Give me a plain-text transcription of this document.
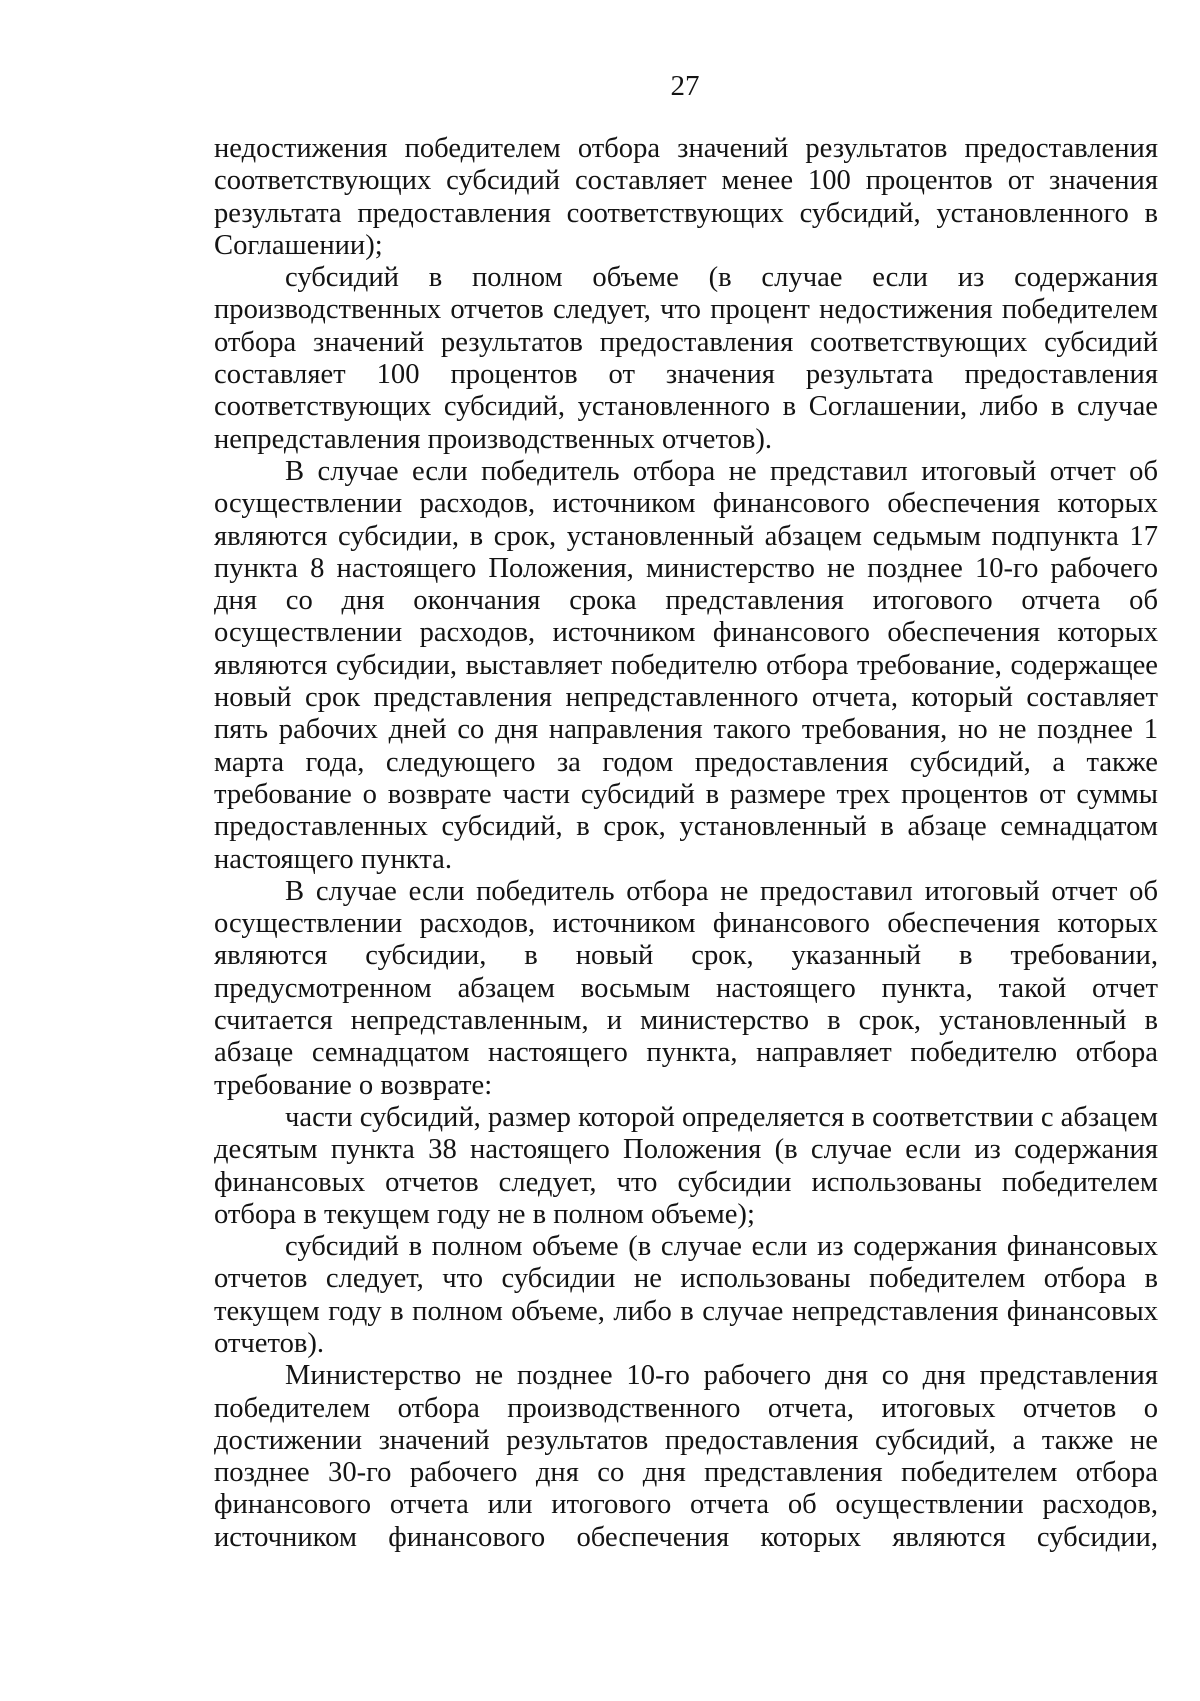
27

недостижения победителем отбора значений результатов предоставления соответствующих субсидий составляет менее 100 процентов от значения результата предоставления соответствующих субсидий, установленного в Соглашении);

субсидий в полном объеме (в случае если из содержания производственных отчетов следует, что процент недостижения победителем отбора значений результатов предоставления соответствующих субсидий составляет 100 процентов от значения результата предоставления соответствующих субсидий, установленного в Соглашении, либо в случае непредставления производственных отчетов).

В случае если победитель отбора не представил итоговый отчет об осуществлении расходов, источником финансового обеспечения которых являются субсидии, в срок, установленный абзацем седьмым подпункта 17 пункта 8 настоящего Положения, министерство не позднее 10-го рабочего дня со дня окончания срока представления итогового отчета об осуществлении расходов, источником финансового обеспечения которых являются субсидии, выставляет победителю отбора требование, содержащее новый срок представления непредставленного отчета, который составляет пять рабочих дней со дня направления такого требования, но не позднее 1 марта года, следующего за годом предоставления субсидий, а также требование о возврате части субсидий в размере трех процентов от суммы предоставленных субсидий, в срок, установленный в абзаце семнадцатом настоящего пункта.

В случае если победитель отбора не предоставил итоговый отчет об осуществлении расходов, источником финансового обеспечения которых являются субсидии, в новый срок, указанный в требовании, предусмотренном абзацем восьмым настоящего пункта, такой отчет считается непредставленным, и министерство в срок, установленный в абзаце семнадцатом настоящего пункта, направляет победителю отбора требование о возврате:

части субсидий, размер которой определяется в соответствии с абзацем десятым пункта 38 настоящего Положения (в случае если из содержания финансовых отчетов следует, что субсидии использованы победителем отбора в текущем году не в полном объеме);

субсидий в полном объеме (в случае если из содержания финансовых отчетов следует, что субсидии не использованы победителем отбора в текущем году в полном объеме, либо в случае непредставления финансовых отчетов).

Министерство не позднее 10-го рабочего дня со дня представления победителем отбора производственного отчета, итоговых отчетов о достижении значений результатов предоставления субсидий, а также не позднее 30-го рабочего дня со дня представления победителем отбора финансового отчета или итогового отчета об осуществлении расходов, источником финансового обеспечения которых являются субсидии,
